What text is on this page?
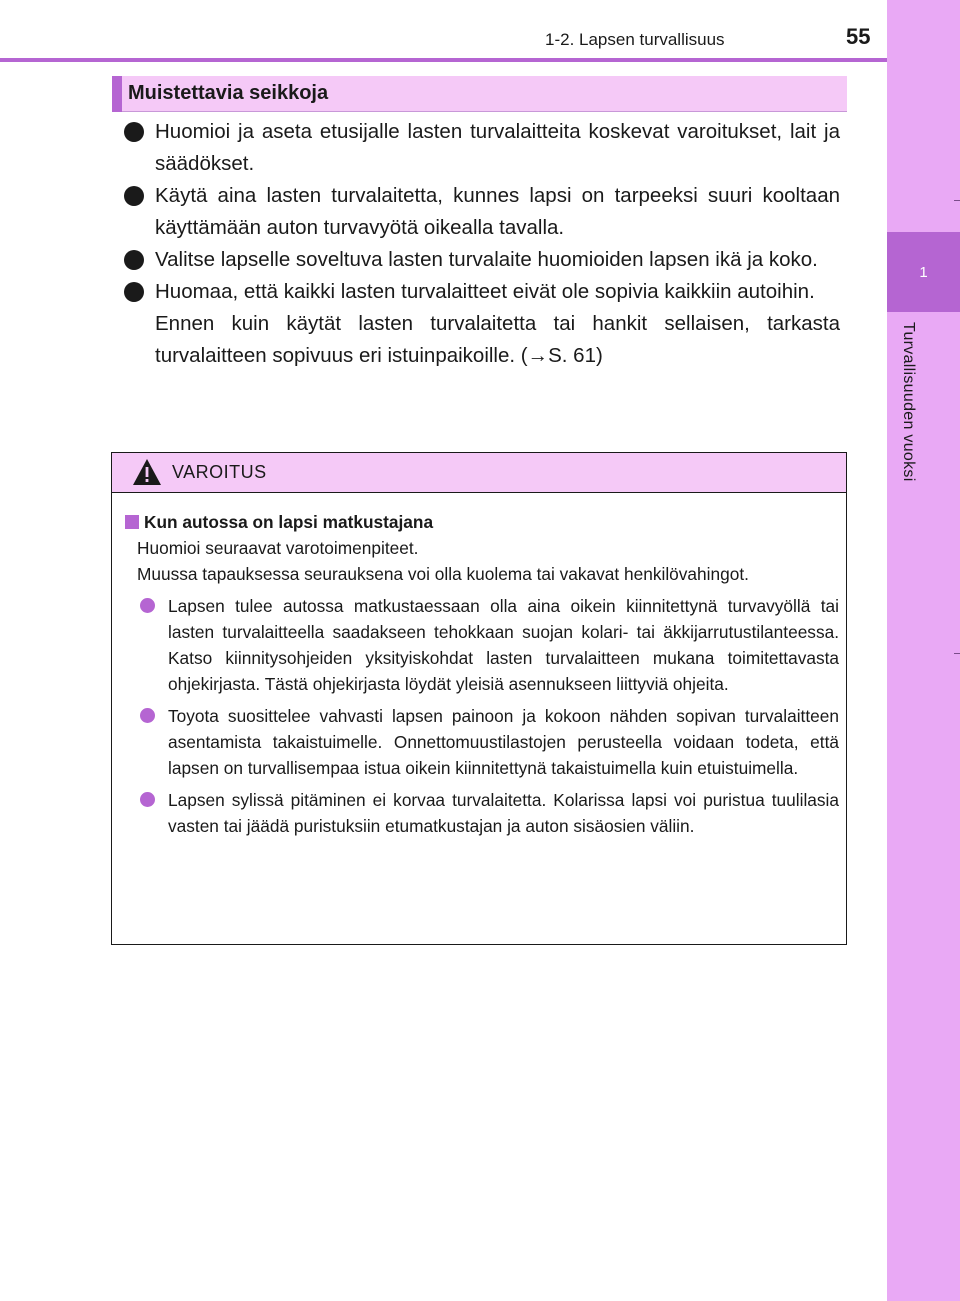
1
Turvallisuuden vuoksi
1-2. Lapsen turvallisuus	55
Muistettavia seikkoja

Huomioi ja aseta etusijalle lasten turvalaitteita koskevat varoitukset, lait ja säädökset.

Käytä aina lasten turvalaitetta, kunnes lapsi on tarpeeksi suuri kooltaan käyttämään auton turvavyötä oikealla tavalla.

Valitse lapselle soveltuva lasten turvalaite huomioiden lapsen ikä ja koko.

Huomaa, että kaikki lasten turvalaitteet eivät ole sopivia kaikkiin autoihin.

Ennen kuin käytät lasten turvalaitetta tai hankit sellaisen, tarkasta turvalaitteen sopivuus eri istuinpaikoille. (→S. 61)

VAROITUS
Kun autossa on lapsi matkustajana
Huomioi seuraavat varotoimenpiteet.
Muussa tapauksessa seurauksena voi olla kuolema tai vakavat henkilövahingot.
Lapsen tulee autossa matkustaessaan olla aina oikein kiinnitettynä turvavyöllä tai lasten turvalaitteella saadakseen tehokkaan suojan kolari- tai äkkijarrutustilanteessa. Katso kiinnitysohjeiden yksityiskohdat lasten turvalaitteen mukana toimitettavasta ohjekirjasta. Tästä ohjekirjasta löydät yleisiä asennukseen liittyviä ohjeita.
Toyota suosittelee vahvasti lapsen painoon ja kokoon nähden sopivan turvalaitteen asentamista takaistuimelle. Onnettomuustilastojen perusteella voidaan todeta, että lapsen on turvallisempaa istua oikein kiinnitettynä takaistuimella kuin etuistuimella.
Lapsen sylissä pitäminen ei korvaa turvalaitetta. Kolarissa lapsi voi puristua tuulilasia vasten tai jäädä puristuksiin etumatkustajan ja auton sisäosien väliin.
